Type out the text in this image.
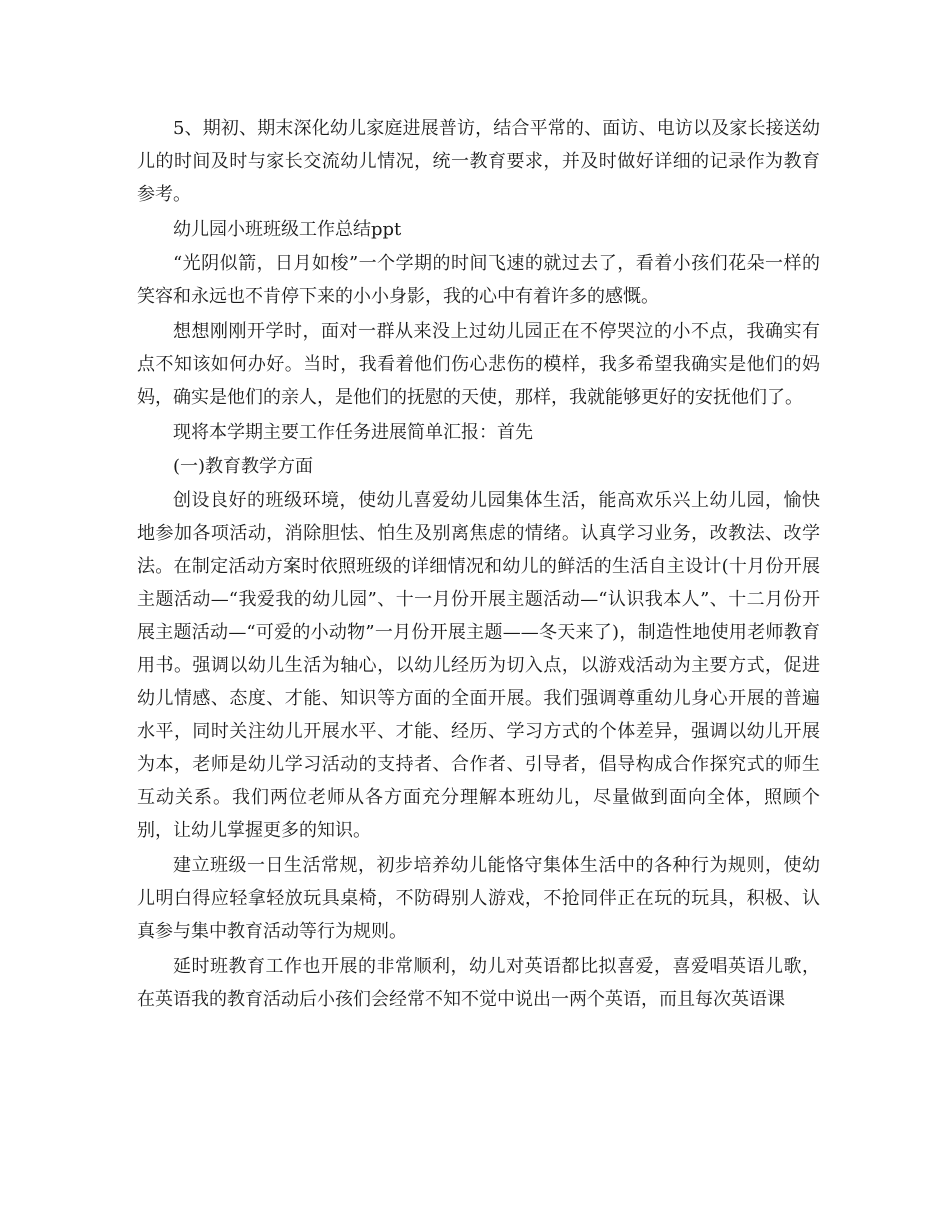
5、期初、期末深化幼儿家庭进展普访，结合平常的、面访、电访以及家长接送幼儿的时间及时与家长交流幼儿情况，统一教育要求，并及时做好详细的记录作为教育参考。

幼儿园小班班级工作总结ppt

“光阴似箭，日月如梭”一个学期的时间飞速的就过去了，看着小孩们花朵一样的笑容和永远也不肯停下来的小小身影，我的心中有着许多的感慨。

想想刚刚开学时，面对一群从来没上过幼儿园正在不停哭泣的小不点，我确实有点不知该如何办好。当时，我看着他们伤心悲伤的模样，我多希望我确实是他们的妈妈，确实是他们的亲人，是他们的抚慰的天使，那样，我就能够更好的安抚他们了。

现将本学期主要工作任务进展简单汇报：首先

(一)教育教学方面

创设良好的班级环境，使幼儿喜爱幼儿园集体生活，能高欢乐兴上幼儿园，愉快地参加各项活动，消除胆怯、怕生及别离焦虑的情绪。认真学习业务，改教法、改学法。在制定活动方案时依照班级的详细情况和幼儿的鲜活的生活自主设计(十月份开展主题活动—“我爱我的幼儿园”、十一月份开展主题活动—“认识我本人”、十二月份开展主题活动—“可爱的小动物”一月份开展主题——冬天来了)，制造性地使用老师教育用书。强调以幼儿生活为轴心，以幼儿经历为切入点，以游戏活动为主要方式，促进幼儿情感、态度、才能、知识等方面的全面开展。我们强调尊重幼儿身心开展的普遍水平，同时关注幼儿开展水平、才能、经历、学习方式的个体差异，强调以幼儿开展为本，老师是幼儿学习活动的支持者、合作者、引导者，倡导构成合作探究式的师生互动关系。我们两位老师从各方面充分理解本班幼儿，尽量做到面向全体，照顾个别，让幼儿掌握更多的知识。

建立班级一日生活常规，初步培养幼儿能恪守集体生活中的各种行为规则，使幼儿明白得应轻拿轻放玩具桌椅，不防碍别人游戏，不抢同伴正在玩的玩具，积极、认真参与集中教育活动等行为规则。

延时班教育工作也开展的非常顺利，幼儿对英语都比拟喜爱，喜爱唱英语儿歌，在英语我的教育活动后小孩们会经常不知不觉中说出一两个英语，而且每次英语课
